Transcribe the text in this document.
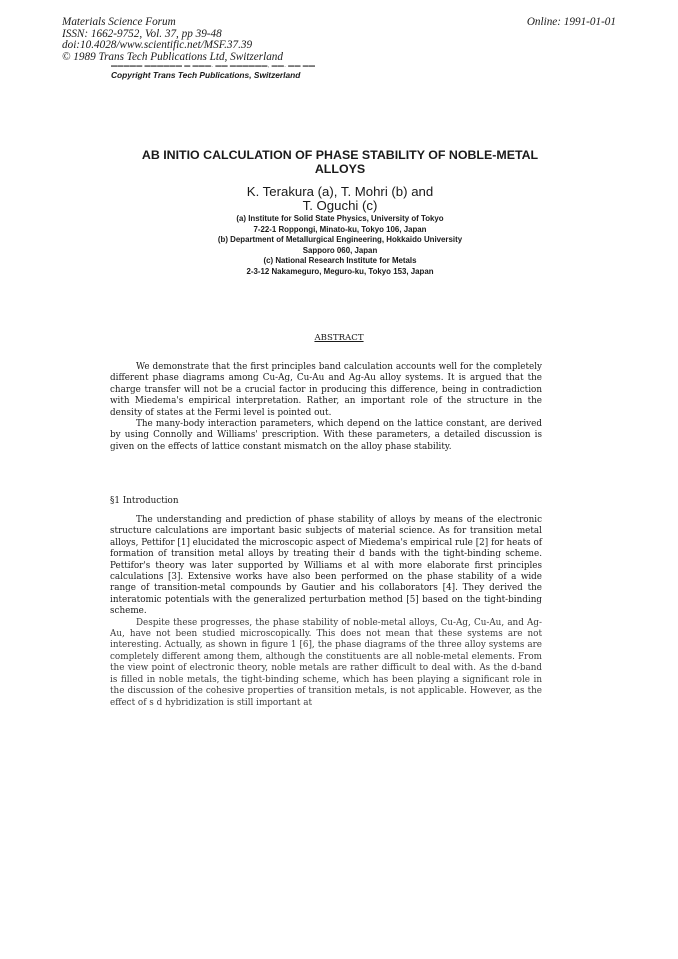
Materials Science Forum
ISSN: 1662-9752, Vol. 37, pp 39-48
doi:10.4028/www.scientific.net/MSF.37.39
© 1989 Trans Tech Publications Ltd, Switzerland
Online: 1991-01-01
▬▬▬▬▬ ▬▬▬▬▬▬ ▬ ▬▬▬. ▬▬ ▬▬▬▬▬▬, ▬▬. ▬▬ ▬▬
Copyright Trans Tech Publications, Switzerland
AB INITIO CALCULATION OF PHASE STABILITY OF NOBLE-METAL
ALLOYS
K. Terakura (a), T. Mohri (b) and
T. Oguchi (c)
(a) Institute for Solid State Physics, University of Tokyo
7-22-1 Roppongi, Minato-ku, Tokyo 106, Japan
(b) Department of Metallurgical Engineering, Hokkaido University
Sapporo 060, Japan
(c) National Research Institute for Metals
2-3-12 Nakameguro, Meguro-ku, Tokyo 153, Japan
ABSTRACT

We demonstrate that the first principles band calculation accounts well for the completely different phase diagrams among Cu-Ag, Cu-Au and Ag-Au alloy systems. It is argued that the charge transfer will not be a crucial factor in producing this difference, being in contradiction with Miedema's empirical interpretation. Rather, an important role of the structure in the density of states at the Fermi level is pointed out.

The many-body interaction parameters, which depend on the lattice constant, are derived by using Connolly and Williams' prescription. With these parameters, a detailed discussion is given on the effects of lattice constant mismatch on the alloy phase stability.

§1 Introduction

The understanding and prediction of phase stability of alloys by means of the electronic structure calculations are important basic subjects of material science. As for transition metal alloys, Pettifor [1] elucidated the microscopic aspect of Miedema's empirical rule [2] for heats of formation of transition metal alloys by treating their d bands with the tight-binding scheme. Pettifor's theory was later supported by Williams et al with more elaborate first principles calculations [3]. Extensive works have also been performed on the phase stability of a wide range of transition-metal compounds by Gautier and his collaborators [4]. They derived the interatomic potentials with the generalized perturbation method [5] based on the tight-binding scheme.

Despite these progresses, the phase stability of noble-metal alloys, Cu-Ag, Cu-Au, and Ag-Au, have not been studied microscopically. This does not mean that these systems are not interesting. Actually, as shown in figure 1 [6], the phase diagrams of the three alloy systems are completely different among them, although the constituents are all noble-metal elements. From the view point of electronic theory, noble metals are rather difficult to deal with. As the d-band is filled in noble metals, the tight-binding scheme, which has been playing a significant role in the discussion of the cohesive properties of transition metals, is not applicable. However, as the effect of s d hybridization is still important at
